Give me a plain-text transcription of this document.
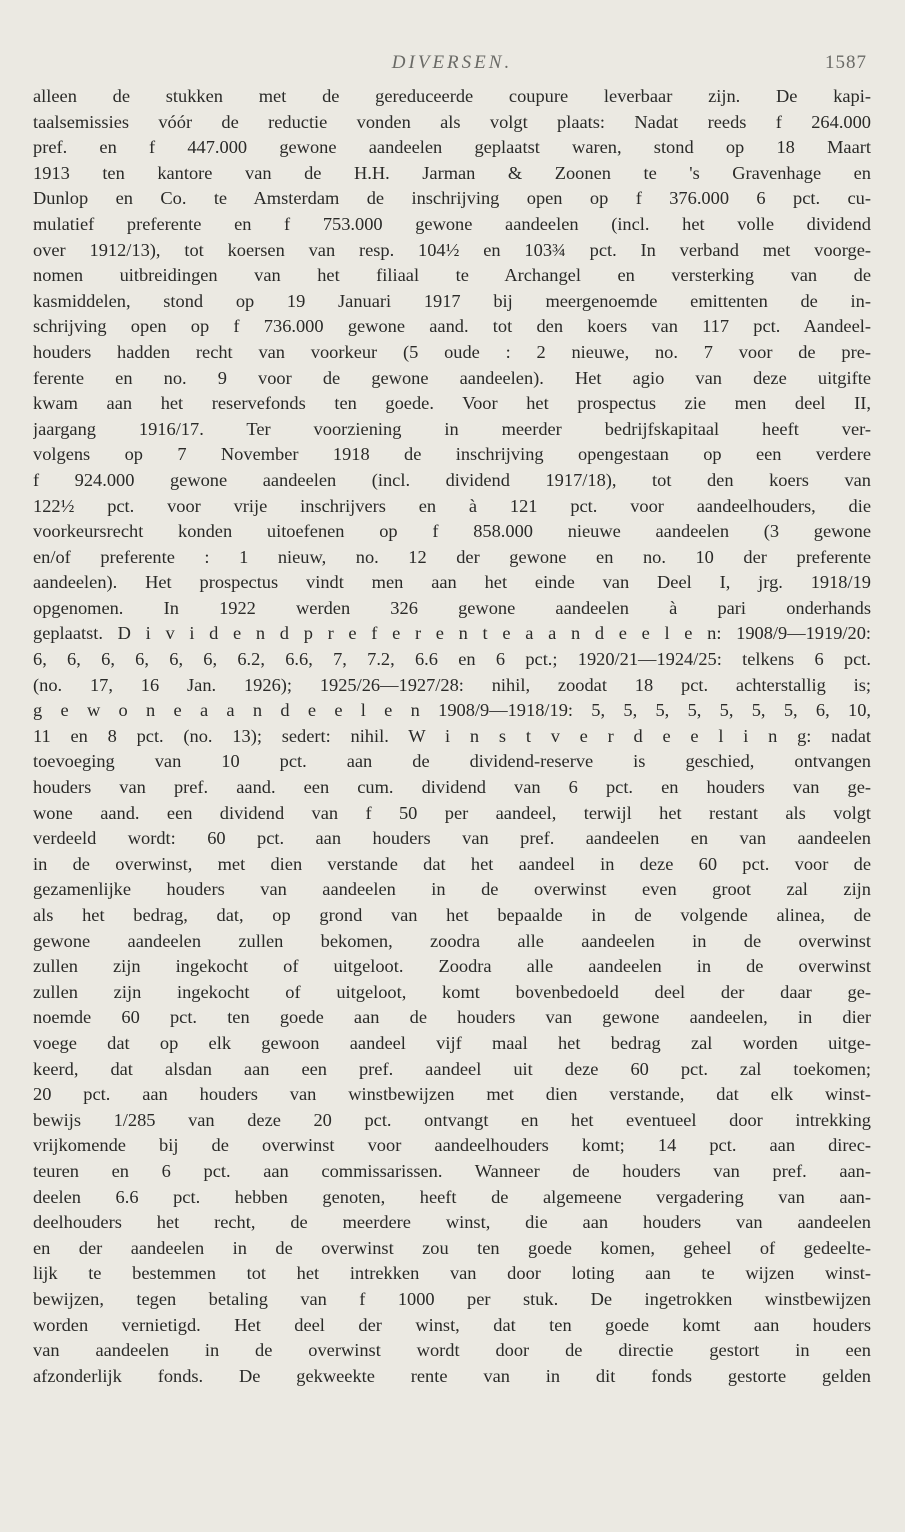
DIVERSEN.	1587
alleen de stukken met de gereduceerde coupure leverbaar zijn. De kapi-
taalsemissies vóór de reductie vonden als volgt plaats: Nadat reeds f 264.000
pref. en f 447.000 gewone aandeelen geplaatst waren, stond op 18 Maart
1913 ten kantore van de H.H. Jarman & Zoonen te 's Gravenhage en
Dunlop en Co. te Amsterdam de inschrijving open op f 376.000 6 pct. cu-
mulatief preferente en f 753.000 gewone aandeelen (incl. het volle dividend
over 1912/13), tot koersen van resp. 104½ en 103¾ pct. In verband met voorge-
nomen uitbreidingen van het filiaal te Archangel en versterking van de
kasmiddelen, stond op 19 Januari 1917 bij meergenoemde emittenten de in-
schrijving open op f 736.000 gewone aand. tot den koers van 117 pct. Aandeel-
houders hadden recht van voorkeur (5 oude : 2 nieuwe, no. 7 voor de pre-
ferente en no. 9 voor de gewone aandeelen). Het agio van deze uitgifte
kwam aan het reservefonds ten goede. Voor het prospectus zie men deel II,
jaargang 1916/17. Ter voorziening in meerder bedrijfskapitaal heeft ver-
volgens op 7 November 1918 de inschrijving opengestaan op een verdere
f 924.000 gewone aandeelen (incl. dividend 1917/18), tot den koers van
122½ pct. voor vrije inschrijvers en à 121 pct. voor aandeelhouders, die
voorkeursrecht konden uitoefenen op f 858.000 nieuwe aandeelen (3 gewone
en/of preferente : 1 nieuw, no. 12 der gewone en no. 10 der preferente
aandeelen). Het prospectus vindt men aan het einde van Deel I, jrg. 1918/19
opgenomen. In 1922 werden 326 gewone aandeelen à pari onderhands
geplaatst. D i v i d e n d p r e f e r e n t e a a n d e e l e n: 1908/9—1919/20:
6, 6, 6, 6, 6, 6, 6.2, 6.6, 7, 7.2, 6.6 en 6 pct.; 1920/21—1924/25: telkens 6 pct.
(no. 17, 16 Jan. 1926); 1925/26—1927/28: nihil, zoodat 18 pct. achterstallig is;
g e w o n e a a n d e e l e n 1908/9—1918/19: 5, 5, 5, 5, 5, 5, 5, 6, 10,
11 en 8 pct. (no. 13); sedert: nihil. W i n s t v e r d e e l i n g: nadat
toevoeging van 10 pct. aan de dividend-reserve is geschied, ontvangen
houders van pref. aand. een cum. dividend van 6 pct. en houders van ge-
wone aand. een dividend van f 50 per aandeel, terwijl het restant als volgt
verdeeld wordt: 60 pct. aan houders van pref. aandeelen en van aandeelen
in de overwinst, met dien verstande dat het aandeel in deze 60 pct. voor de
gezamenlijke houders van aandeelen in de overwinst even groot zal zijn
als het bedrag, dat, op grond van het bepaalde in de volgende alinea, de
gewone aandeelen zullen bekomen, zoodra alle aandeelen in de overwinst
zullen zijn ingekocht of uitgeloot. Zoodra alle aandeelen in de overwinst
zullen zijn ingekocht of uitgeloot, komt bovenbedoeld deel der daar ge-
noemde 60 pct. ten goede aan de houders van gewone aandeelen, in dier
voege dat op elk gewoon aandeel vijf maal het bedrag zal worden uitge-
keerd, dat alsdan aan een pref. aandeel uit deze 60 pct. zal toekomen;
20 pct. aan houders van winstbewijzen met dien verstande, dat elk winst-
bewijs 1/285 van deze 20 pct. ontvangt en het eventueel door intrekking
vrijkomende bij de overwinst voor aandeelhouders komt; 14 pct. aan direc-
teuren en 6 pct. aan commissarissen. Wanneer de houders van pref. aan-
deelen 6.6 pct. hebben genoten, heeft de algemeene vergadering van aan-
deelhouders het recht, de meerdere winst, die aan houders van aandeelen
en der aandeelen in de overwinst zou ten goede komen, geheel of gedeelte-
lijk te bestemmen tot het intrekken van door loting aan te wijzen winst-
bewijzen, tegen betaling van f 1000 per stuk. De ingetrokken winstbewijzen
worden vernietigd. Het deel der winst, dat ten goede komt aan houders
van aandeelen in de overwinst wordt door de directie gestort in een
afzonderlijk fonds. De gekweekte rente van in dit fonds gestorte gelden
